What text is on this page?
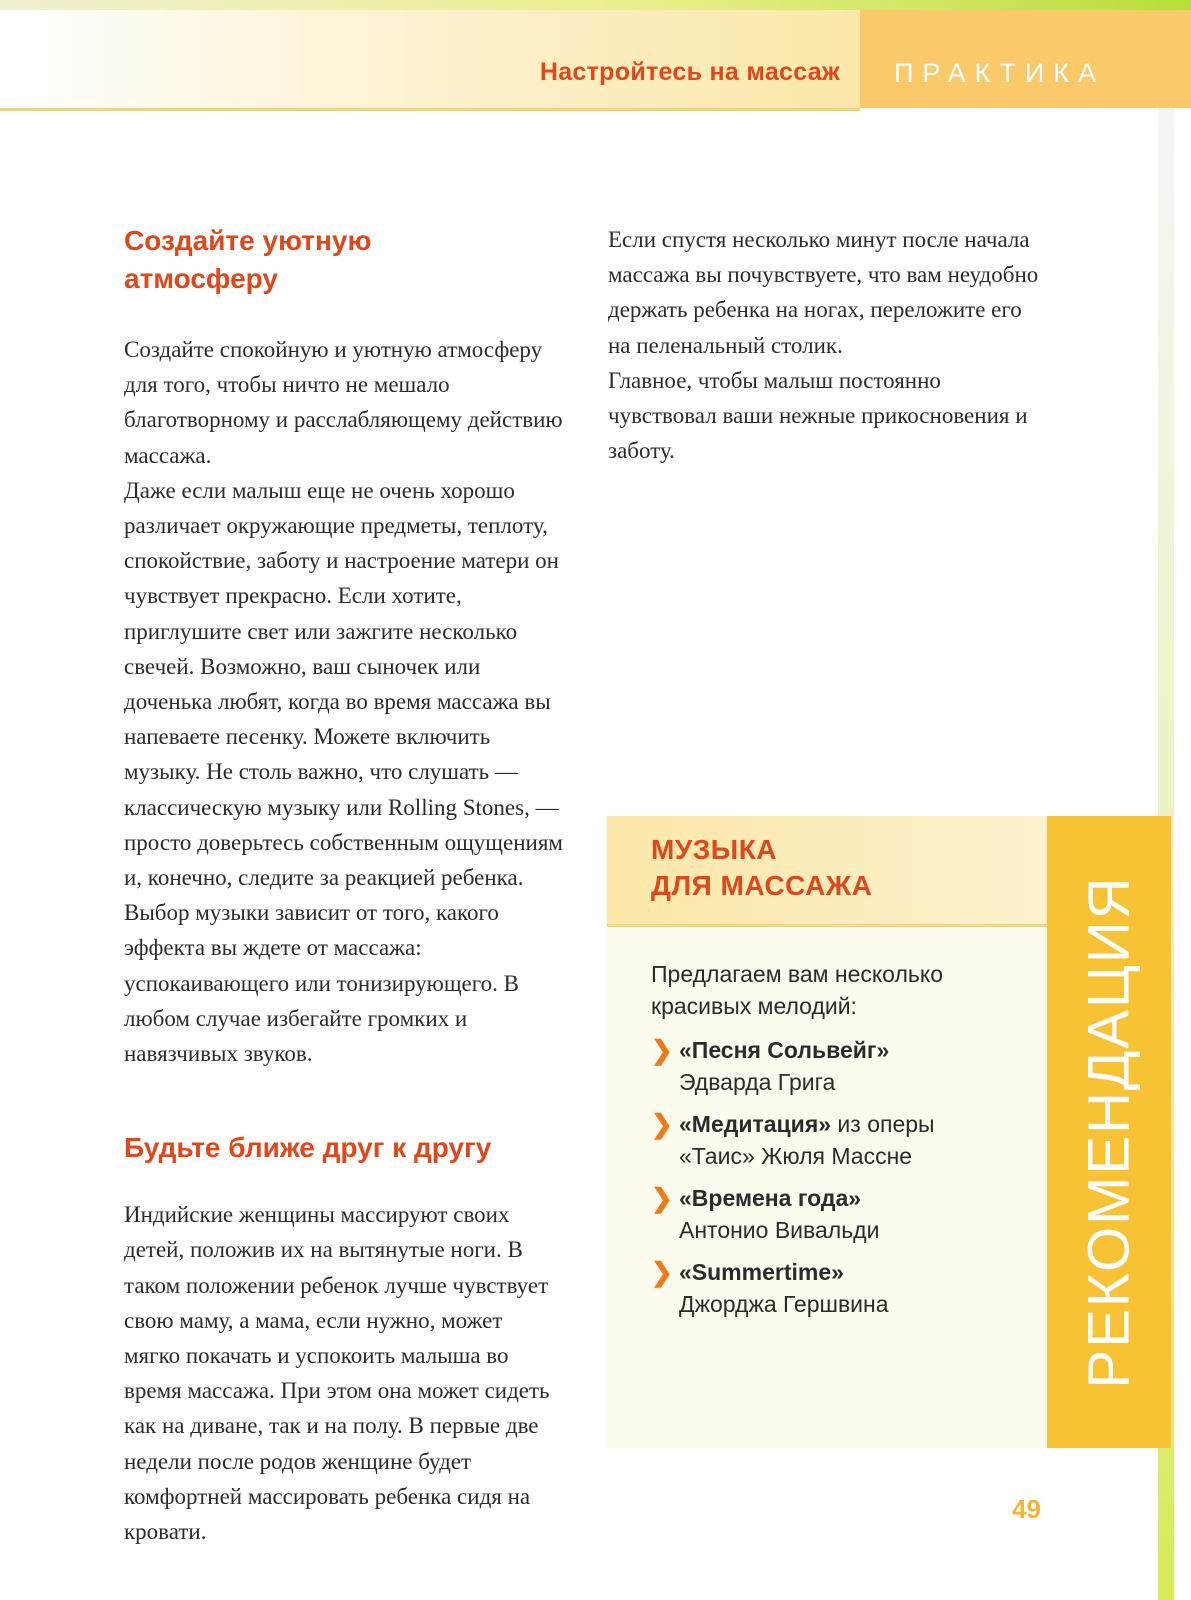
Настройтесь на массаж ПРАКТИКА
Создайте уютную атмосферу

Создайте спокойную и уютную атмосферу для того, чтобы ничто не мешало благотворному и расслабляющему действию массажа.

Даже если малыш еще не очень хорошо различает окружающие предметы, теплоту, спокойствие, заботу и настроение матери он чувствует прекрасно. Если хотите, приглушите свет или зажгите несколько свечей. Возможно, ваш сыночек или доченька любят, когда во время массажа вы напеваете песенку. Можете включить музыку. Не столь важно, что слушать — классическую музыку или Rolling Stones, — просто доверьтесь собственным ощущениям и, конечно, следите за реакцией ребенка.

Выбор музыки зависит от того, какого эффекта вы ждете от массажа: успокаивающего или тонизирующего. В любом случае избегайте громких и навязчивых звуков.

Будьте ближе друг к другу

Индийские женщины массируют своих детей, положив их на вытянутые ноги. В таком положении ребенок лучше чувствует свою маму, а мама, если нужно, может мягко покачать и успокоить малыша во время массажа. При этом она может сидеть как на диване, так и на полу. В первые две недели после родов женщине будет комфортней массировать ребенка сидя на кровати.

Если спустя несколько минут после начала массажа вы почувствуете, что вам неудобно держать ребенка на ногах, переложите его на пеленальный столик.

Главное, чтобы малыш постоянно чувствовал ваши нежные прикосновения и заботу.

МУЗЫКА
ДЛЯ МАССАЖА

Предлагаем вам несколько красивых мелодий:

❯ «Песня Сольвейг»
Эдварда Грига
❯ «Медитация» из оперы
«Таис» Жюля Массне
❯ «Времена года»
Антонио Вивальди
❯ «Summertime»
Джорджа Гершвина	РЕКОМЕНДАЦИЯ
49
